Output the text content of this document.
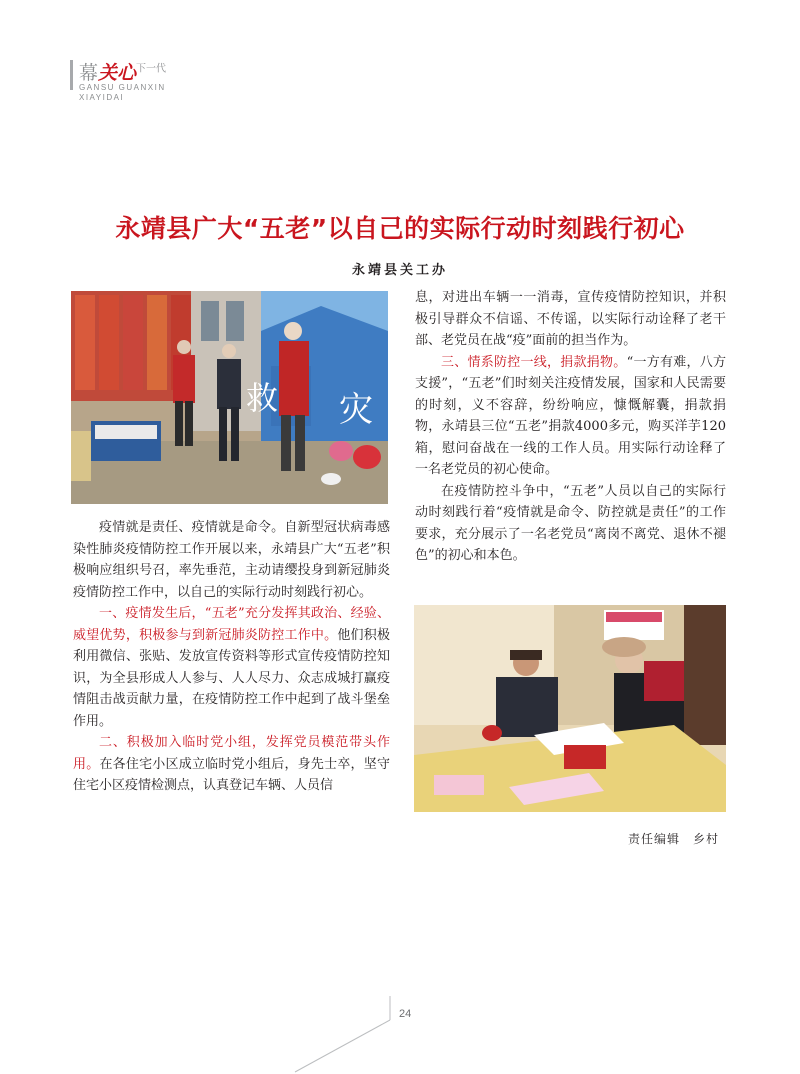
幕关心$^{下一代}$
GANSU GUANXIN
XIAYIDAI
永靖县广大“五老”以自己的实际行动时刻践行初心
永靖县关工办
救 灾

疫情就是责任、疫情就是命令。自新型冠状病毒感染性肺炎疫情防控工作开展以来，永靖县广大“五老”积极响应组织号召，率先垂范，主动请缨投身到新冠肺炎疫情防控工作中，以自己的实际行动时刻践行初心。

一、疫情发生后，“五老”充分发挥其政治、经验、威望优势，积极参与到新冠肺炎防控工作中。他们积极利用微信、张贴、发放宣传资料等形式宣传疫情防控知识，为全县形成人人参与、人人尽力、众志成城打赢疫情阻击战贡献力量，在疫情防控工作中起到了战斗堡垒作用。

二、积极加入临时党小组，发挥党员模范带头作用。在各住宅小区成立临时党小组后，身先士卒，坚守住宅小区疫情检测点，认真登记车辆、人员信

息，对进出车辆一一消毒，宣传疫情防控知识，并积极引导群众不信谣、不传谣，以实际行动诠释了老干部、老党员在战“疫”面前的担当作为。

三、情系防控一线，捐款捐物。“一方有难，八方支援”，“五老”们时刻关注疫情发展，国家和人民需要的时刻，义不容辞，纷纷响应，慷慨解囊，捐款捐物，永靖县三位“五老”捐款4000多元，购买洋芋120箱，慰问奋战在一线的工作人员。用实际行动诠释了一名老党员的初心使命。

在疫情防控斗争中，“五老”人员以自己的实际行动时刻践行着“疫情就是命令、防控就是责任”的工作要求，充分展示了一名老党员“离岗不离党、退休不褪色”的初心和本色。

责任编辑　乡村
24
